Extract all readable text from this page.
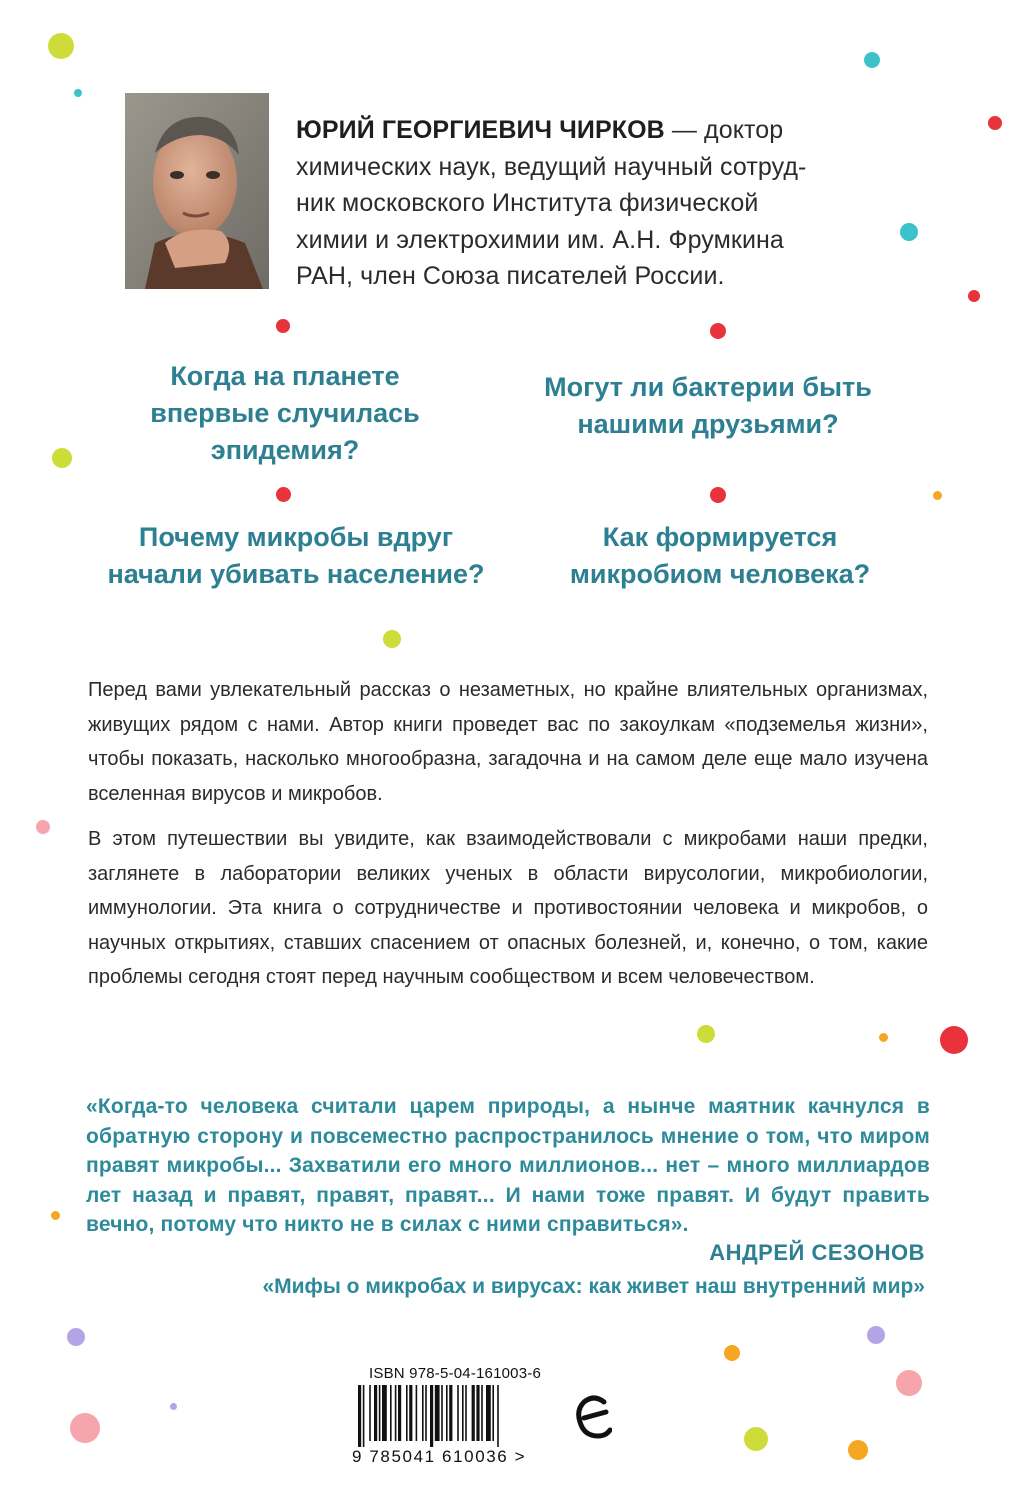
ЮРИЙ ГЕОРГИЕВИЧ ЧИРКОВ — доктор
химических наук, ведущий научный сотруд-
ник московского Института физической
химии и электрохимии им. А.Н. Фрумкина
РАН, член Союза писателей России.
Когда на планете
впервые случилась
эпидемия?
Могут ли бактерии быть
нашими друзьями?
Почему микробы вдруг
начали убивать население?
Как формируется
микробиом человека?
Перед вами увлекательный рассказ о незаметных, но крайне влиятельных организмах, живущих рядом с нами. Автор книги проведет вас по закоулкам «подземелья жизни», чтобы показать, насколько многообразна, загадочна и на самом деле еще мало изучена вселенная вирусов и микробов.
В этом путешествии вы увидите, как взаимодействовали с микробами наши предки, заглянете в лаборатории великих ученых в области вирусологии, микробиологии, иммунологии. Эта книга о сотрудничестве и противостоянии человека и микробов, о научных открытиях, ставших спасением от опасных болезней, и, конечно, о том, какие проблемы сегодня стоят перед научным сообществом и всем человечеством.
«Когда-то человека считали царем природы, а нынче маятник качнулся в обратную сторону и повсеместно распространилось мнение о том, что миром правят микробы... Захватили его много миллионов... нет – много миллиардов лет назад и правят, правят, правят... И нами тоже правят. И будут править вечно, потому что никто не в силах с ними справиться».
АНДРЕЙ СЕЗОНОВ
«Мифы о микробах и вирусах: как живет наш внутренний мир»
ISBN 978-5-04-161003-6
9 785041 610036 >
